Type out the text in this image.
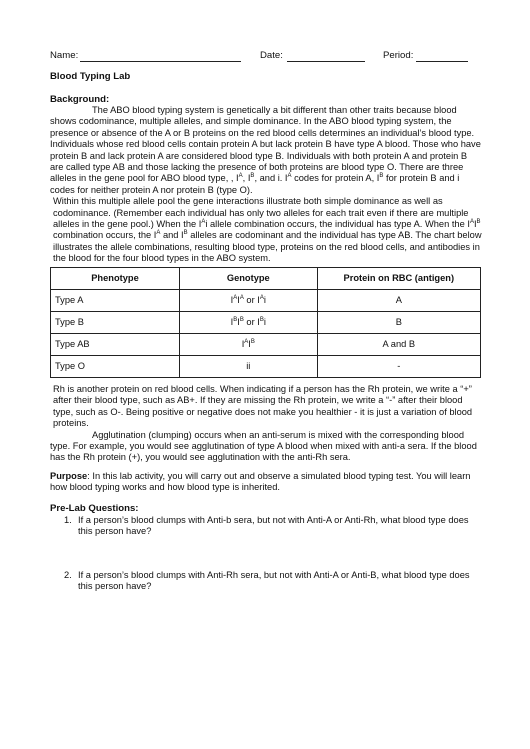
Name:	Date:	Period:
Blood Typing Lab
Background:

The ABO blood typing system is genetically a bit different than other traits because blood shows codominance, multiple alleles, and simple dominance. In the ABO blood typing system, the presence or absence of the A or B proteins on the red blood cells determines an individual’s blood type. Individuals whose red blood cells contain protein A but lack protein B have type A blood. Those who have protein B and lack protein A are considered blood type B. Individuals with both protein A and protein B are called type AB and those lacking the presence of both proteins are blood type O. There are three alleles in the gene pool for ABO blood type, , $I^A$, $I^B$, and i. $I^A$ codes for protein A, $I^B$ for protein B and i codes for neither protein A nor protein B (type O).

Within this multiple allele pool the gene interactions illustrate both simple dominance as well as codominance. (Remember each individual has only two alleles for each trait even if there are multiple alleles in the gene pool.) When the $I^Ai$ allele combination occurs, the individual has type A. When the $I^AI^B$ combination occurs, the $I^A$ and $I^B$ alleles are codominant and the individual has type AB. The chart below illustrates the allele combinations, resulting blood type, proteins on the red blood cells, and antibodies in the blood for the four blood types in the ABO system.

Phenotype	Genotype	Protein on RBC (antigen)
Type A	$I^AI^A$ or $I^Ai$	A
Type B	$I^BI^B$ or $I^Bi$	B
Type AB	$I^AI^B$	A and B
Type O	ii	-

Rh is another protein on red blood cells. When indicating if a person has the Rh protein, we write a “+” after their blood type, such as AB+. If they are missing the Rh protein, we write a “-” after their blood type, such as O-. Being positive or negative does not make you healthier - it is just a variation of blood proteins.

Agglutination (clumping) occurs when an anti-serum is mixed with the corresponding blood type. For example, you would see agglutination of type A blood when mixed with anti-a sera. If the blood has the Rh protein (+), you would see agglutination with the anti-Rh sera.

Purpose: In this lab activity, you will carry out and observe a simulated blood typing test. You will learn how blood typing works and how blood type is inherited.

Pre-Lab Questions:
1. If a person’s blood clumps with Anti-b sera, but not with Anti-A or Anti-Rh, what blood type does this person have?
2. If a person’s blood clumps with Anti-Rh sera, but not with Anti-A or Anti-B, what blood type does this person have?
